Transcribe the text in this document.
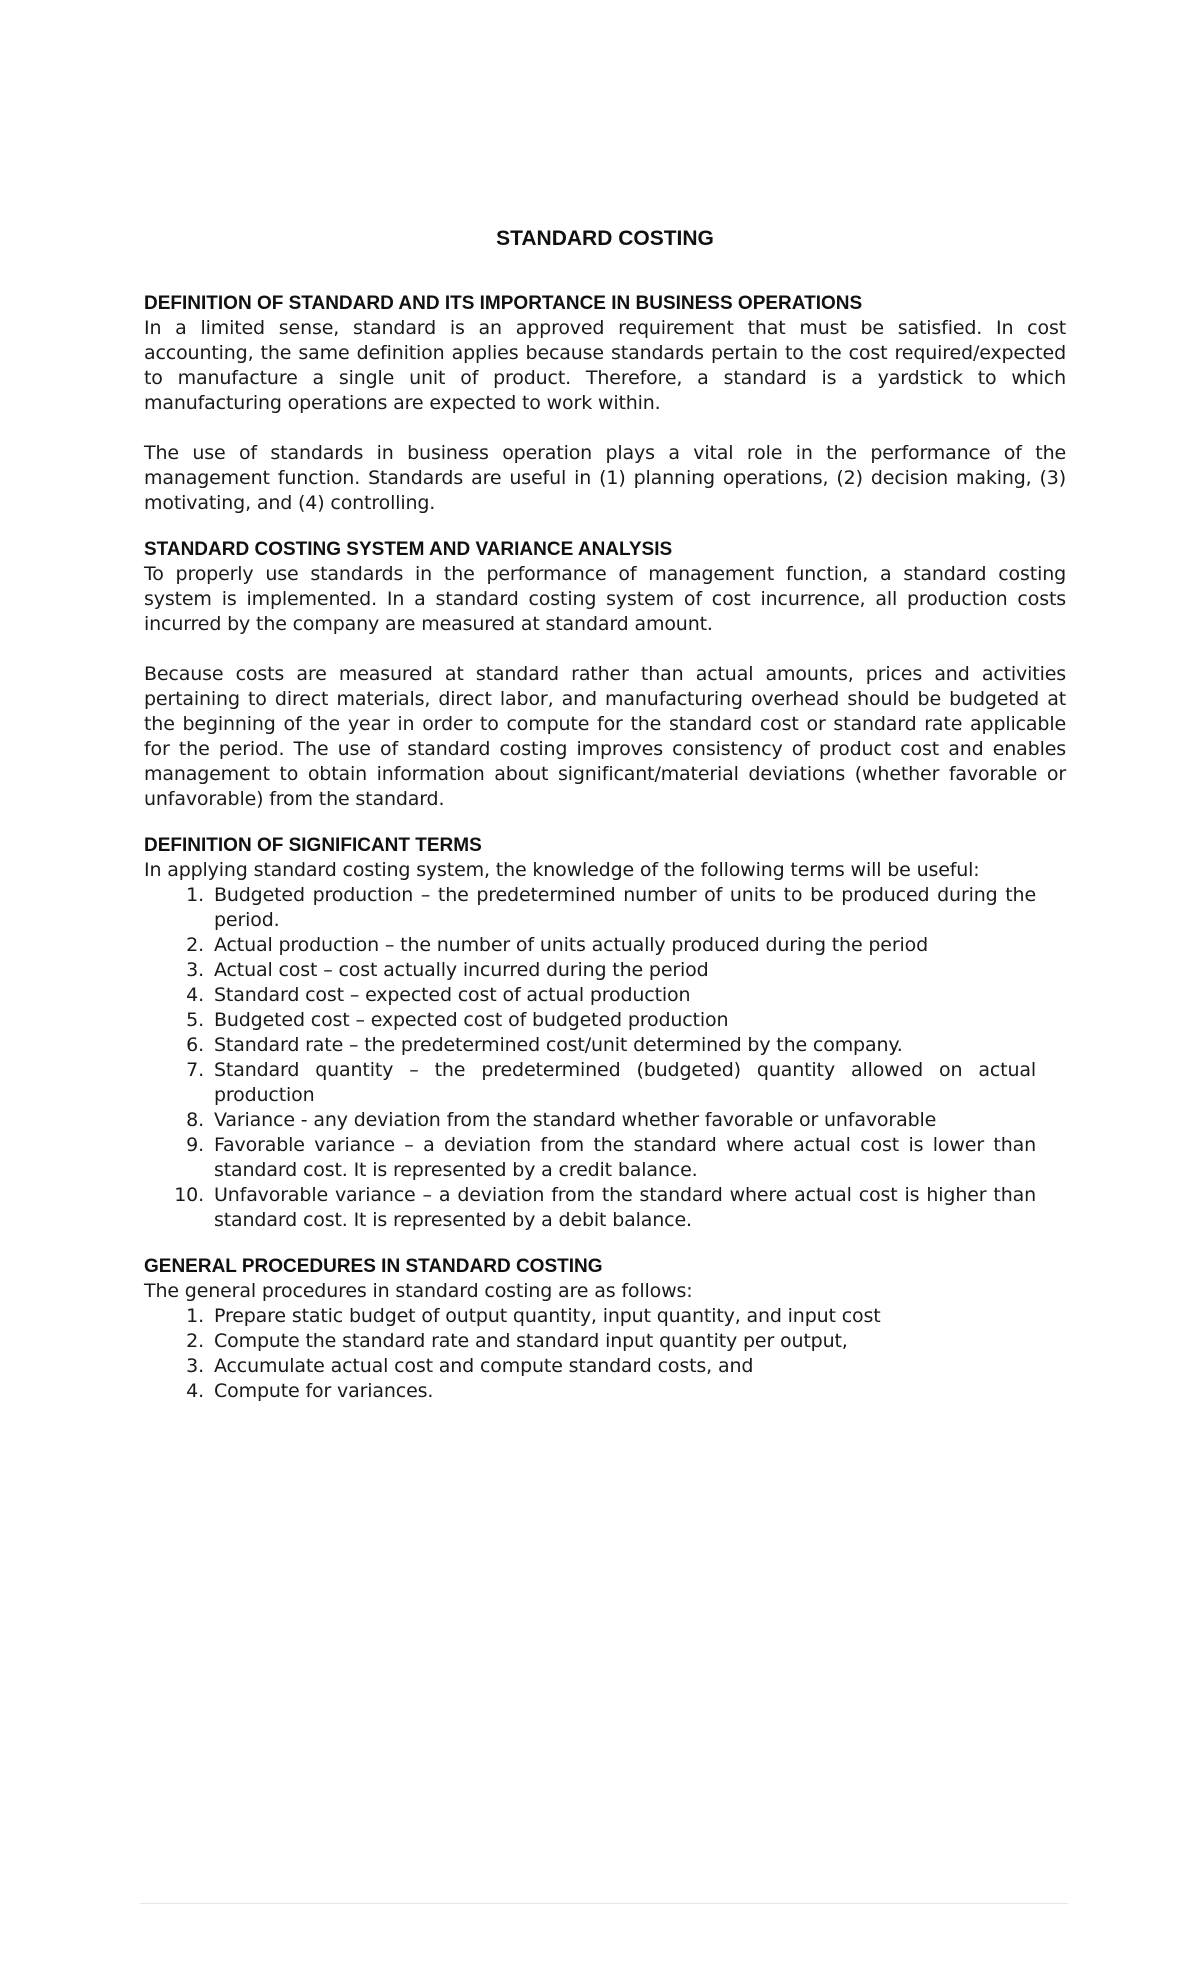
STANDARD COSTING
DEFINITION OF STANDARD AND ITS IMPORTANCE IN BUSINESS OPERATIONS

In a limited sense, standard is an approved requirement that must be satisfied. In cost accounting, the same definition applies because standards pertain to the cost required/expected to manufacture a single unit of product. Therefore, a standard is a yardstick to which manufacturing operations are expected to work within.

The use of standards in business operation plays a vital role in the performance of the management function. Standards are useful in (1) planning operations, (2) decision making, (3) motivating, and (4) controlling.

STANDARD COSTING SYSTEM AND VARIANCE ANALYSIS

To properly use standards in the performance of management function, a standard costing system is implemented. In a standard costing system of cost incurrence, all production costs incurred by the company are measured at standard amount.

Because costs are measured at standard rather than actual amounts, prices and activities pertaining to direct materials, direct labor, and manufacturing overhead should be budgeted at the beginning of the year in order to compute for the standard cost or standard rate applicable for the period. The use of standard costing improves consistency of product cost and enables management to obtain information about significant/material deviations (whether favorable or unfavorable) from the standard.

DEFINITION OF SIGNIFICANT TERMS

In applying standard costing system, the knowledge of the following terms will be useful:

1. Budgeted production – the predetermined number of units to be produced during the period.
2. Actual production – the number of units actually produced during the period
3. Actual cost – cost actually incurred during the period
4. Standard cost – expected cost of actual production
5. Budgeted cost – expected cost of budgeted production
6. Standard rate – the predetermined cost/unit determined by the company.
7. Standard quantity – the predetermined (budgeted) quantity allowed on actual production
8. Variance - any deviation from the standard whether favorable or unfavorable
9. Favorable variance – a deviation from the standard where actual cost is lower than standard cost. It is represented by a credit balance.
10. Unfavorable variance – a deviation from the standard where actual cost is higher than standard cost. It is represented by a debit balance.
GENERAL PROCEDURES IN STANDARD COSTING

The general procedures in standard costing are as follows:

1. Prepare static budget of output quantity, input quantity, and input cost
2. Compute the standard rate and standard input quantity per output,
3. Accumulate actual cost and compute standard costs, and
4. Compute for variances.
